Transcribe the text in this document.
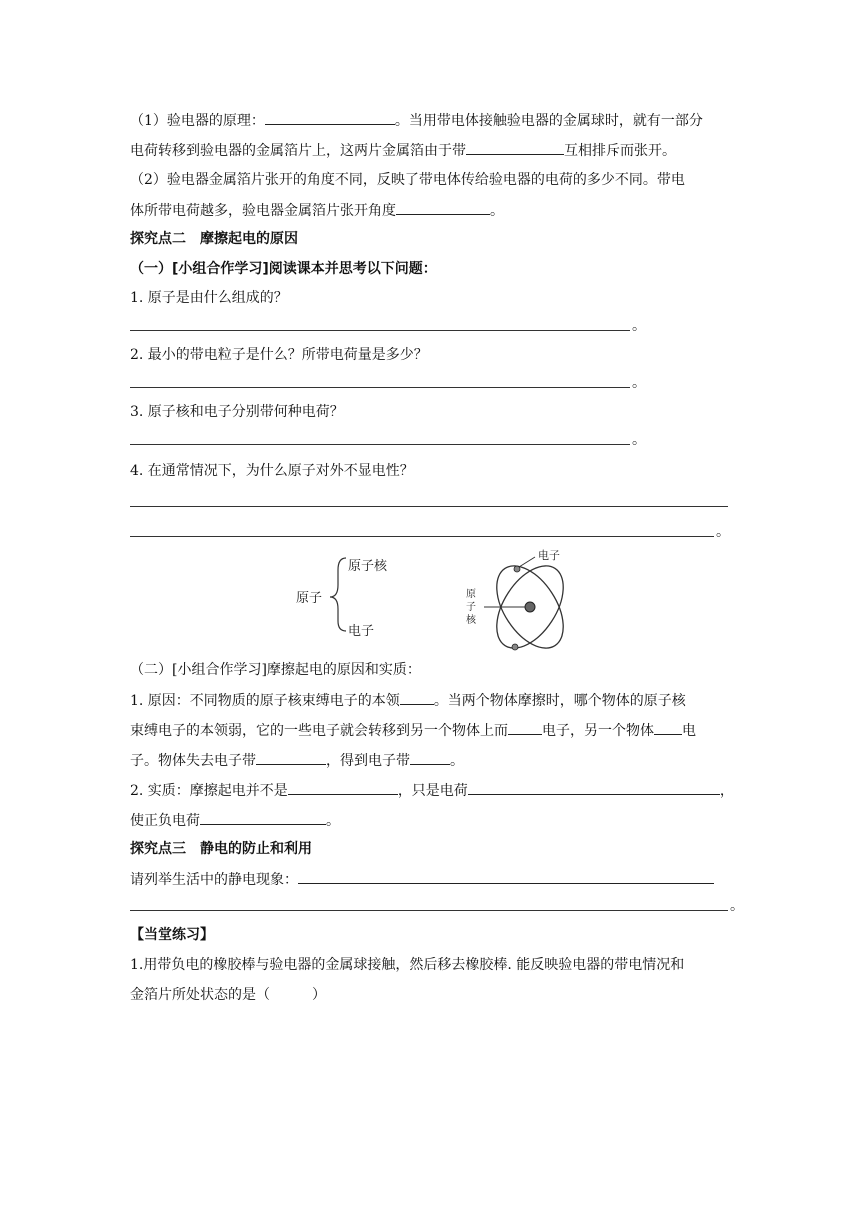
（1）验电器的原理：	。当用带电体接触验电器的金属球时，就有一部分
电荷转移到验电器的金属箔片上，这两片金属箔由于带	互相排斥而张开。
（2）验电器金属箔片张开的角度不同，反映了带电体传给验电器的电荷的多少不同。带电
体所带电荷越多，验电器金属箔片张开角度	。
探究点二　摩擦起电的原因
（一）[小组合作学习]阅读课本并思考以下问题：
1. 原子是由什么组成的？
。
2. 最小的带电粒子是什么？所带电荷量是多少？
。
3. 原子核和电子分别带何种电荷？
。
4. 在通常情况下，为什么原子对外不显电性？
。
原子
原子核
电子
电子
原
子
核
（二）[小组合作学习]摩擦起电的原因和实质：
1. 原因：不同物质的原子核束缚电子的本领 。当两个物体摩擦时，哪个物体的原子核
束缚电子的本领弱，它的一些电子就会转移到另一个物体上而 电子，另一个物体 电
子。物体失去电子带	，得到电子带	。
2. 实质：摩擦起电并不是	，只是电荷	，
使正负电荷	。
探究点三　静电的防止和利用
请列举生活中的静电现象：
。
【当堂练习】
1.用带负电的橡胶棒与验电器的金属球接触，然后移去橡胶棒. 能反映验电器的带电情况和
金箔片所处状态的是（　　　）
